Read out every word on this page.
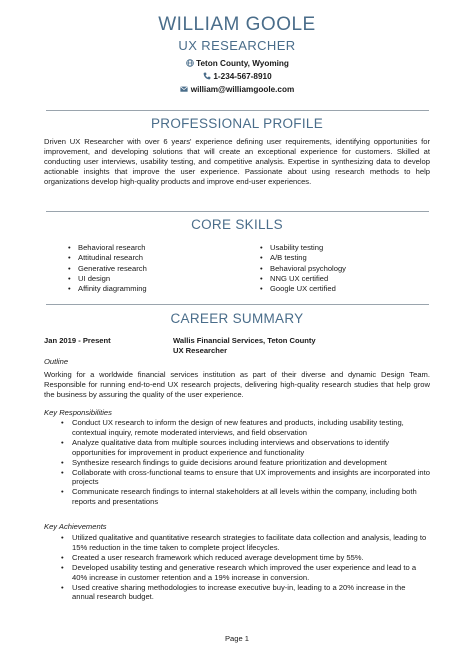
WILLIAM GOOLE
UX RESEARCHER
Teton County, Wyoming
1-234-567-8910
william@williamgoole.com
PROFESSIONAL PROFILE
Driven UX Researcher with over 6 years' experience defining user requirements, identifying opportunities for improvement, and developing solutions that will create an exceptional experience for customers. Skilled at conducting user interviews, usability testing, and competitive analysis. Expertise in synthesizing data to develop actionable insights that improve the user experience. Passionate about using research methods to help organizations develop high-quality products and improve end-user experiences.
CORE SKILLS
• Behavioral research
• Attitudinal research
• Generative research
• UI design
• Affinity diagramming
• Usability testing
• A/B testing
• Behavioral psychology
• NNG UX certified
• Google UX certified
CAREER SUMMARY
Jan 2019 - Present	Wallis Financial Services, Teton County
UX Researcher
Outline
Working for a worldwide financial services institution as part of their diverse and dynamic Design Team. Responsible for running end-to-end UX research projects, delivering high-quality research studies that help grow the business by assuring the quality of the user experience.
Key Responsibilities
• Conduct UX research to inform the design of new features and products, including usability testing, contextual inquiry, remote moderated interviews, and field observation
• Analyze qualitative data from multiple sources including interviews and observations to identify opportunities for improvement in product experience and functionality
• Synthesize research findings to guide decisions around feature prioritization and development
• Collaborate with cross-functional teams to ensure that UX improvements and insights are incorporated into projects
• Communicate research findings to internal stakeholders at all levels within the company, including both reports and presentations
Key Achievements
• Utilized qualitative and quantitative research strategies to facilitate data collection and analysis, leading to 15% reduction in the time taken to complete project lifecycles.
• Created a user research framework which reduced average development time by 55%.
• Developed usability testing and generative research which improved the user experience and lead to a 40% increase in customer retention and a 19% increase in conversion.
• Used creative sharing methodologies to increase executive buy-in, leading to a 20% increase in the annual research budget.
Page 1
